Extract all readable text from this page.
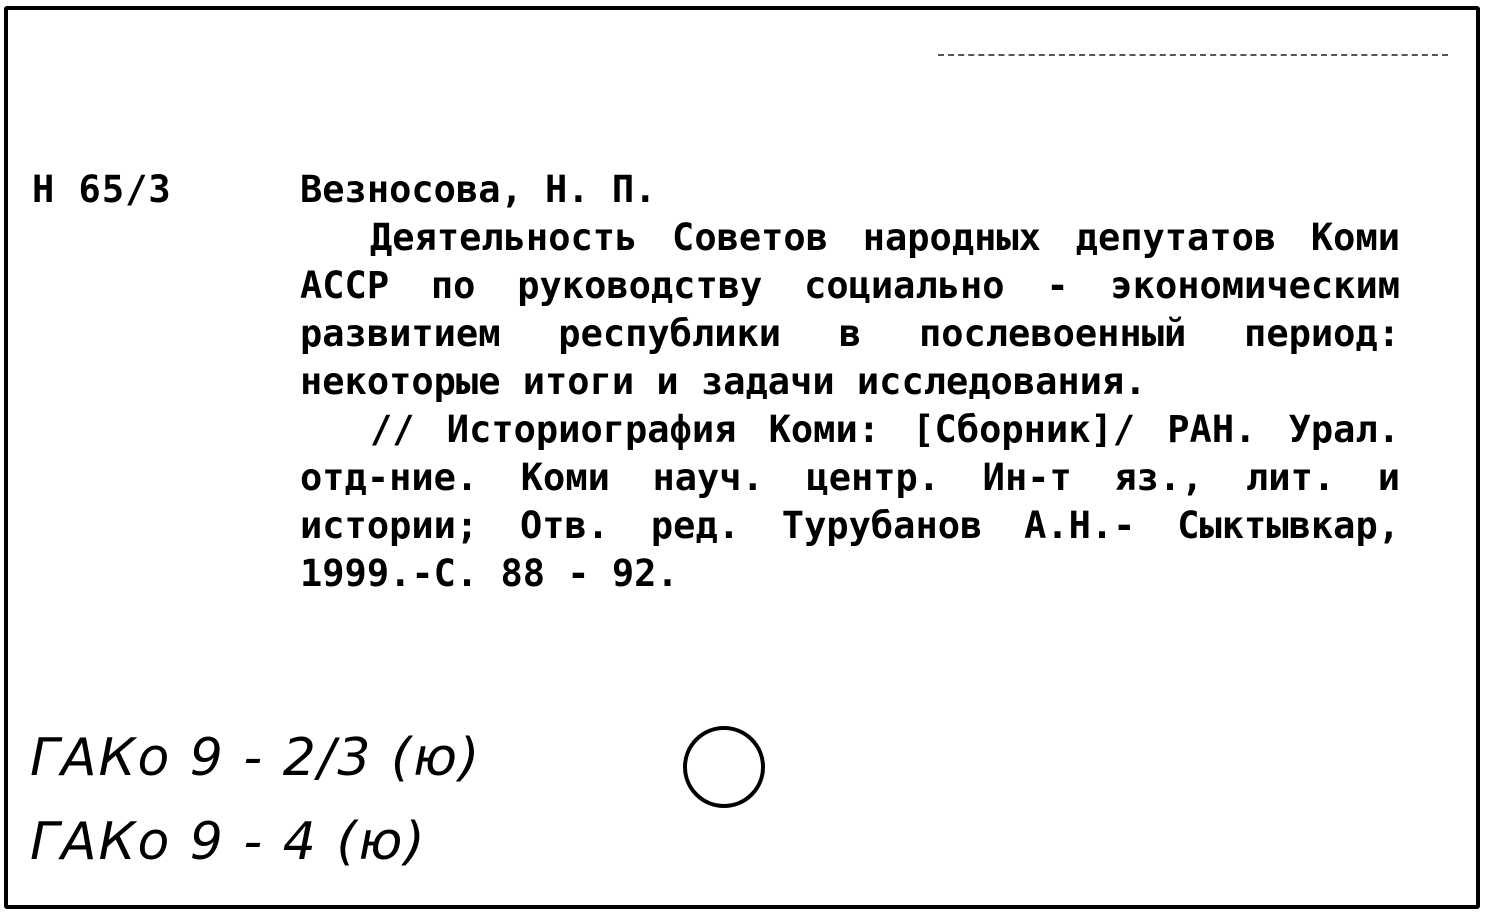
Н 65/3	Везносова, Н. П.

Деятельность Советов народных депутатов Коми АССР по руководству социально - экономическим развитием республики в послевоенный период: некоторые итоги и задачи исследования.

// Историография Коми: [Сборник]/ РАН. Урал. отд-ние. Коми науч. центр. Ин-т яз., лит. и истории; Отв. ред. Турубанов А.Н.- Сыктывкар, 1999.-С. 88 - 92.

ГАКо 9 - 2/3 (ю)
ГАКо 9 - 4 (ю)
